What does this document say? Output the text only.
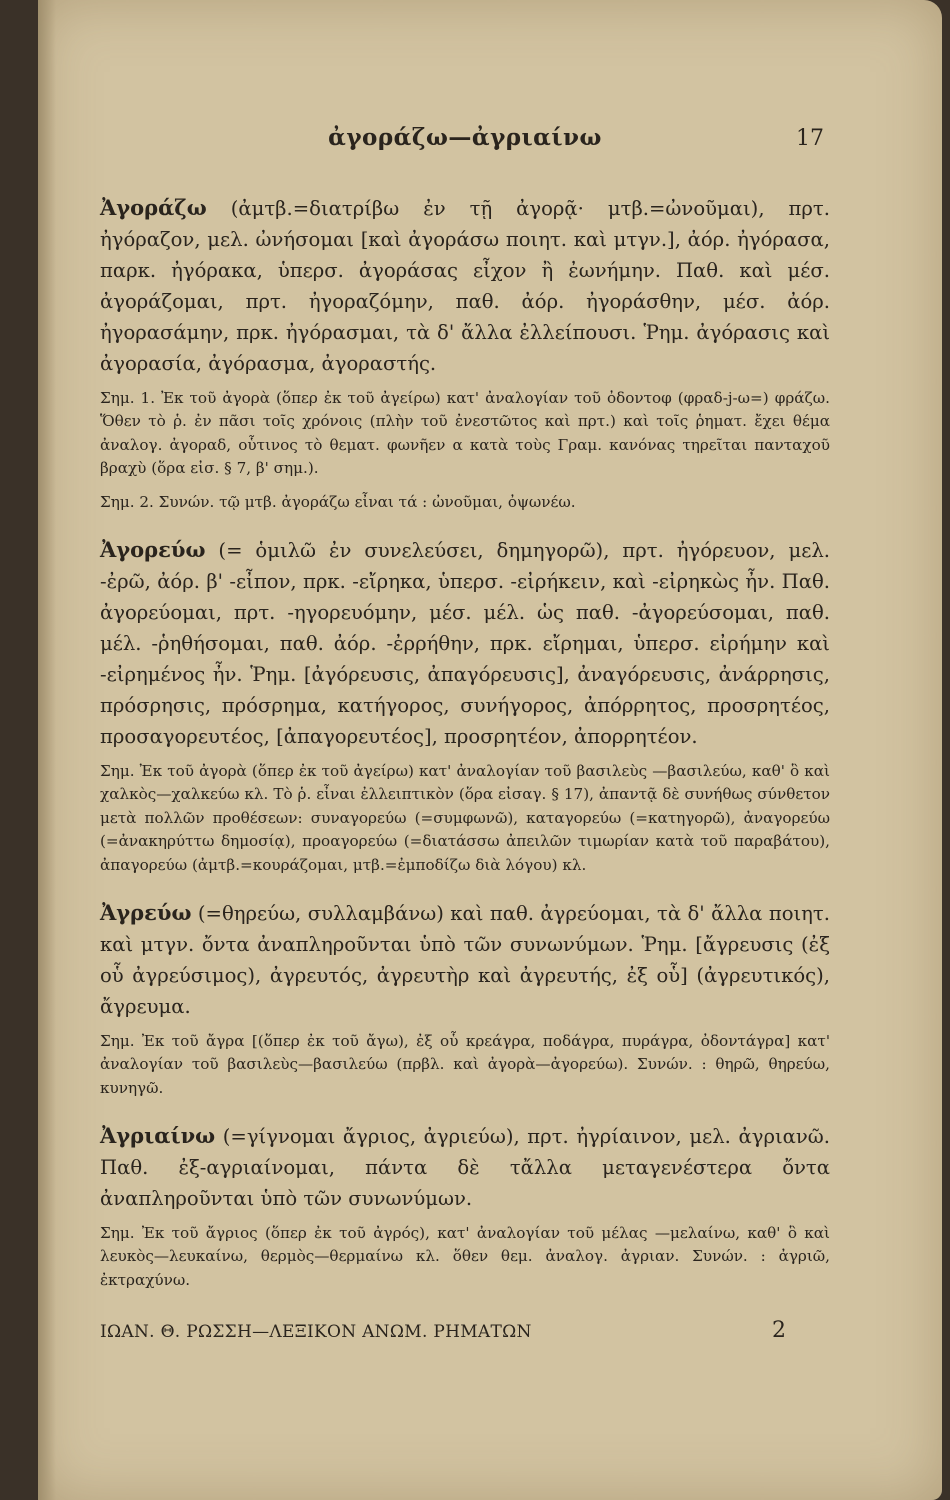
ἀγοράζω—ἀγριαίνω	17

Ἀγοράζω (ἀμτβ.=διατρίβω ἐν τῇ ἀγορᾷ· μτβ.=ὠνοῦμαι), πρτ. ἠγόραζον, μελ. ὠνήσομαι [καὶ ἀγοράσω ποιητ. καὶ μτγν.], ἀόρ. ἠγόρασα, παρκ. ἠγόρακα, ὑπερσ. ἀγοράσας εἶχον ἢ ἐωνήμην. Παθ. καὶ μέσ. ἀγοράζομαι, πρτ. ἠγοραζόμην, παθ. ἀόρ. ἠγοράσθην, μέσ. ἀόρ. ἠγορασάμην, πρκ. ἠγόρασμαι, τὰ δ' ἄλλα ἐλλείπουσι. Ῥημ. ἀγόρασις καὶ ἀγορασία, ἀγόρασμα, ἀγοραστής.

Σημ. 1. Ἐκ τοῦ ἀγορὰ (ὅπερ ἐκ τοῦ ἀγείρω) κατ' ἀναλογίαν τοῦ ὀδοντοφ (φραδ-j-ω=) φράζω. Ὅθεν τὸ ῥ. ἐν πᾶσι τοῖς χρόνοις (πλὴν τοῦ ἐνεστῶτος καὶ πρτ.) καὶ τοῖς ῥηματ. ἔχει θέμα ἀναλογ. ἀγοραδ, οὗτινος τὸ θεματ. φωνῆεν α κατὰ τοὺς Γραμ. κανόνας τηρεῖται πανταχοῦ βραχὺ (ὅρα εἰσ. § 7, β' σημ.).

Σημ. 2. Συνών. τῷ μτβ. ἀγοράζω εἶναι τά : ὠνοῦμαι, ὀψωνέω.

Ἀγορεύω (= ὁμιλῶ ἐν συνελεύσει, δημηγορῶ), πρτ. ἠγόρευον, μελ. -ἐρῶ, ἀόρ. β' -εἶπον, πρκ. -εἴρηκα, ὑπερσ. -εἰρήκειν, καὶ -εἰρηκὼς ἦν. Παθ. ἀγορεύομαι, πρτ. -ηγορευόμην, μέσ. μέλ. ὡς παθ. -ἀγορεύσομαι, παθ. μέλ. -ῥηθήσομαι, παθ. ἀόρ. -ἐρρήθην, πρκ. εἴρημαι, ὑπερσ. εἰρήμην καὶ -εἰρημένος ἦν. Ῥημ. [ἀγόρευσις, ἀπαγόρευσις], ἀναγόρευσις, ἀνάρρησις, πρόσρησις, πρόσρημα, κατήγορος, συνήγορος, ἀπόρρητος, προσρητέος, προσαγορευτέος, [ἀπαγορευτέος], προσρητέον, ἀπορρητέον.

Σημ. Ἐκ τοῦ ἀγορὰ (ὅπερ ἐκ τοῦ ἀγείρω) κατ' ἀναλογίαν τοῦ βασιλεὺς —βασιλεύω, καθ' ὃ καὶ χαλκὸς—χαλκεύω κλ. Τὸ ῥ. εἶναι ἐλλειπτικὸν (ὅρα εἰσαγ. § 17), ἀπαντᾷ δὲ συνήθως σύνθετον μετὰ πολλῶν προθέσεων: συναγορεύω (=συμφωνῶ), καταγορεύω (=κατηγορῶ), ἀναγορεύω (=ἀνακηρύττω δημοσίᾳ), προαγορεύω (=διατάσσω ἀπειλῶν τιμωρίαν κατὰ τοῦ παραβάτου), ἀπαγορεύω (ἀμτβ.=κουράζομαι, μτβ.=ἐμποδίζω διὰ λόγου) κλ.

Ἀγρεύω (=θηρεύω, συλλαμβάνω) καὶ παθ. ἀγρεύομαι, τὰ δ' ἄλλα ποιητ. καὶ μτγν. ὄντα ἀναπληροῦνται ὑπὸ τῶν συνωνύμων. Ῥημ. [ἄγρευσις (ἐξ οὗ ἀγρεύσιμος), ἀγρευτός, ἀγρευτὴρ καὶ ἀγρευτής, ἐξ οὗ] (ἀγρευτικός), ἄγρευμα.

Σημ. Ἐκ τοῦ ἄγρα [(ὅπερ ἐκ τοῦ ἄγω), ἐξ οὗ κρεάγρα, ποδάγρα, πυράγρα, ὀδοντάγρα] κατ' ἀναλογίαν τοῦ βασιλεὺς—βασιλεύω (πρβλ. καὶ ἀγορὰ—ἀγορεύω). Συνών. : θηρῶ, θηρεύω, κυνηγῶ.

Ἀγριαίνω (=γίγνομαι ἄγριος, ἀγριεύω), πρτ. ἠγρίαινον, μελ. ἀγριανῶ. Παθ. ἐξ-αγριαίνομαι, πάντα δὲ τἄλλα μεταγενέστερα ὄντα ἀναπληροῦνται ὑπὸ τῶν συνωνύμων.

Σημ. Ἐκ τοῦ ἄγριος (ὅπερ ἐκ τοῦ ἀγρός), κατ' ἀναλογίαν τοῦ μέλας —μελαίνω, καθ' ὃ καὶ λευκὸς—λευκαίνω, θερμὸς—θερμαίνω κλ. ὅθεν θεμ. ἀναλογ. ἀγριαν. Συνών. : ἀγριῶ, ἐκτραχύνω.

ΙΩΑΝ. Θ. ΡΩΣΣΗ—ΛΕΞΙΚΟΝ ΑΝΩΜ. ΡΗΜΑΤΩΝ	2
